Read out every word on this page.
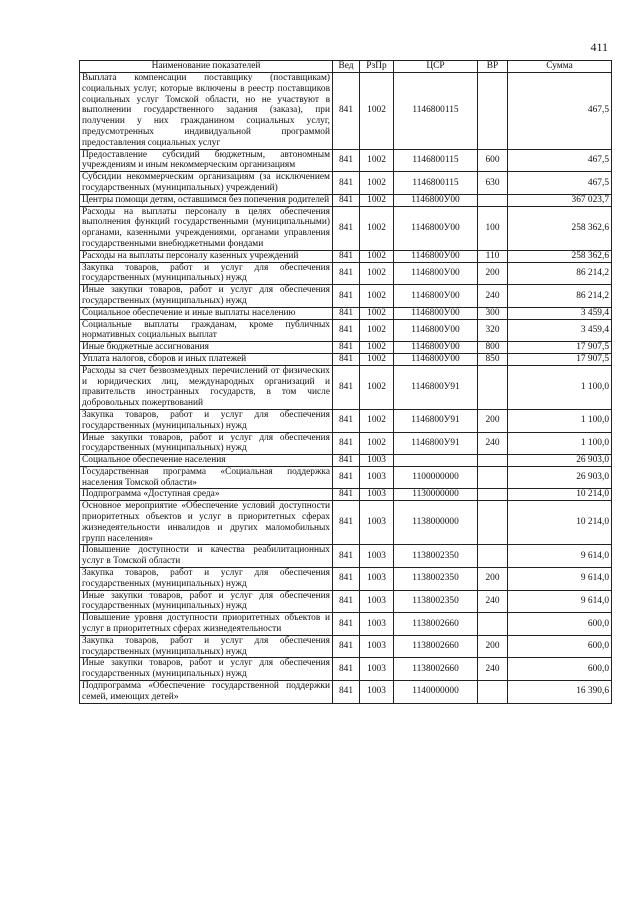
411
Наименование показателей	Вед	РзПр	ЦСР	ВР	Сумма
Выплата компенсации поставщику (поставщикам) социальных услуг, которые включены в реестр поставщиков социальных услуг Томской области, но не участвуют в выполнении государственного задания (заказа), при получении у них гражданином социальных услуг, предусмотренных индивидуальной программой предоставления социальных услуг	841	1002	1146800115		467,5
Предоставление субсидий бюджетным, автономным учреждениям и иным некоммерческим организациям	841	1002	1146800115	600	467,5
Субсидии некоммерческим организациям (за исключением государственных (муниципальных) учреждений)	841	1002	1146800115	630	467,5
Центры помощи детям, оставшимся без попечения родителей	841	1002	1146800У00		367 023,7
Расходы на выплаты персоналу в целях обеспечения выполнения функций государственными (муниципальными) органами, казенными учреждениями, органами управления государственными внебюджетными фондами	841	1002	1146800У00	100	258 362,6
Расходы на выплаты персоналу казенных учреждений	841	1002	1146800У00	110	258 362,6
Закупка товаров, работ и услуг для обеспечения государственных (муниципальных) нужд	841	1002	1146800У00	200	86 214,2
Иные закупки товаров, работ и услуг для обеспечения государственных (муниципальных) нужд	841	1002	1146800У00	240	86 214,2
Социальное обеспечение и иные выплаты населению	841	1002	1146800У00	300	3 459,4
Социальные выплаты гражданам, кроме публичных нормативных социальных выплат	841	1002	1146800У00	320	3 459,4
Иные бюджетные ассигнования	841	1002	1146800У00	800	17 907,5
Уплата налогов, сборов и иных платежей	841	1002	1146800У00	850	17 907,5
Расходы за счет безвозмездных перечислений от физических и юридических лиц, международных организаций и правительств иностранных государств, в том числе добровольных пожертвований	841	1002	1146800У91		1 100,0
Закупка товаров, работ и услуг для обеспечения государственных (муниципальных) нужд	841	1002	1146800У91	200	1 100,0
Иные закупки товаров, работ и услуг для обеспечения государственных (муниципальных) нужд	841	1002	1146800У91	240	1 100,0
Социальное обеспечение населения	841	1003			26 903,0
Государственная программа «Социальная поддержка населения Томской области»	841	1003	1100000000		26 903,0
Подпрограмма «Доступная среда»	841	1003	1130000000		10 214,0
Основное мероприятие «Обеспечение условий доступности приоритетных объектов и услуг в приоритетных сферах жизнедеятельности инвалидов и других маломобильных групп населения»	841	1003	1138000000		10 214,0
Повышение доступности и качества реабилитационных услуг в Томской области	841	1003	1138002350		9 614,0
Закупка товаров, работ и услуг для обеспечения государственных (муниципальных) нужд	841	1003	1138002350	200	9 614,0
Иные закупки товаров, работ и услуг для обеспечения государственных (муниципальных) нужд	841	1003	1138002350	240	9 614,0
Повышение уровня доступности приоритетных объектов и услуг в приоритетных сферах жизнедеятельности	841	1003	1138002660		600,0
Закупка товаров, работ и услуг для обеспечения государственных (муниципальных) нужд	841	1003	1138002660	200	600,0
Иные закупки товаров, работ и услуг для обеспечения государственных (муниципальных) нужд	841	1003	1138002660	240	600,0
Подпрограмма «Обеспечение государственной поддержки семей, имеющих детей»	841	1003	1140000000		16 390,6
